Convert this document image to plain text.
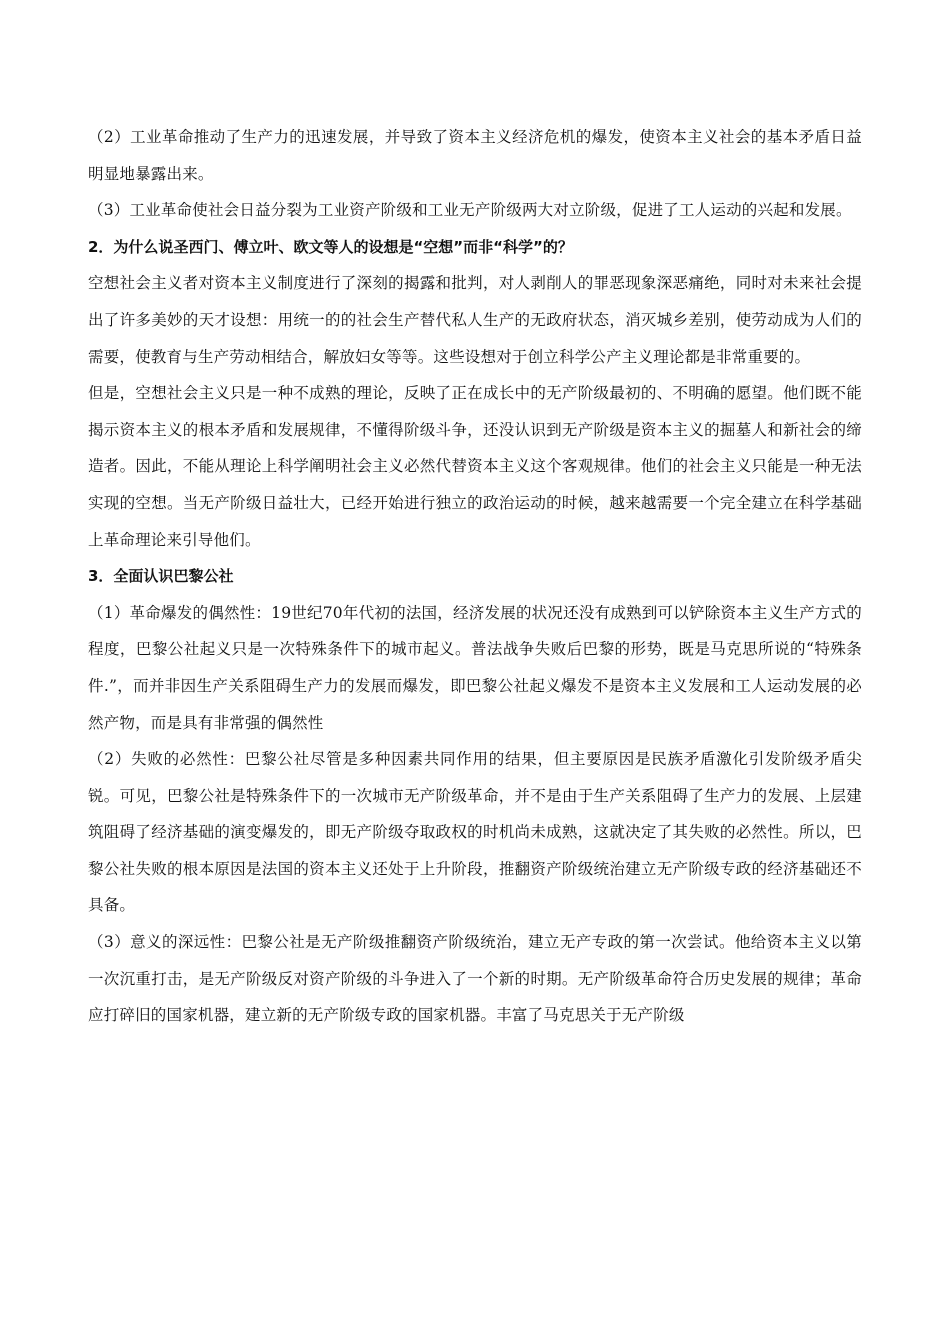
（2）工业革命推动了生产力的迅速发展，并导致了资本主义经济危机的爆发，使资本主义社会的基本矛盾日益明显地暴露出来。

（3）工业革命使社会日益分裂为工业资产阶级和工业无产阶级两大对立阶级，促进了工人运动的兴起和发展。

2．为什么说圣西门、傅立叶、欧文等人的设想是“空想”而非“科学”的？

空想社会主义者对资本主义制度进行了深刻的揭露和批判，对人剥削人的罪恶现象深恶痛绝，同时对未来社会提出了许多美妙的天才设想：用统一的的社会生产替代私人生产的无政府状态，消灭城乡差别，使劳动成为人们的需要，使教育与生产劳动相结合，解放妇女等等。这些设想对于创立科学公产主义理论都是非常重要的。

但是，空想社会主义只是一种不成熟的理论，反映了正在成长中的无产阶级最初的、不明确的愿望。他们既不能揭示资本主义的根本矛盾和发展规律，不懂得阶级斗争，还没认识到无产阶级是资本主义的掘墓人和新社会的缔造者。因此，不能从理论上科学阐明社会主义必然代替资本主义这个客观规律。他们的社会主义只能是一种无法实现的空想。当无产阶级日益壮大，已经开始进行独立的政治运动的时候，越来越需要一个完全建立在科学基础上革命理论来引导他们。

3．全面认识巴黎公社

（1）革命爆发的偶然性：19世纪70年代初的法国，经济发展的状况还没有成熟到可以铲除资本主义生产方式的程度，巴黎公社起义只是一次特殊条件下的城市起义。普法战争失败后巴黎的形势，既是马克思所说的“特殊条件.”，而并非因生产关系阻碍生产力的发展而爆发，即巴黎公社起义爆发不是资本主义发展和工人运动发展的必然产物，而是具有非常强的偶然性

（2）失败的必然性：巴黎公社尽管是多种因素共同作用的结果，但主要原因是民族矛盾激化引发阶级矛盾尖锐。可见，巴黎公社是特殊条件下的一次城市无产阶级革命，并不是由于生产关系阻碍了生产力的发展、上层建筑阻碍了经济基础的演变爆发的，即无产阶级夺取政权的时机尚未成熟，这就决定了其失败的必然性。所以，巴黎公社失败的根本原因是法国的资本主义还处于上升阶段，推翻资产阶级统治建立无产阶级专政的经济基础还不具备。

（3）意义的深远性：巴黎公社是无产阶级推翻资产阶级统治，建立无产专政的第一次尝试。他给资本主义以第一次沉重打击，是无产阶级反对资产阶级的斗争进入了一个新的时期。无产阶级革命符合历史发展的规律；革命应打碎旧的国家机器，建立新的无产阶级专政的国家机器。丰富了马克思关于无产阶级
